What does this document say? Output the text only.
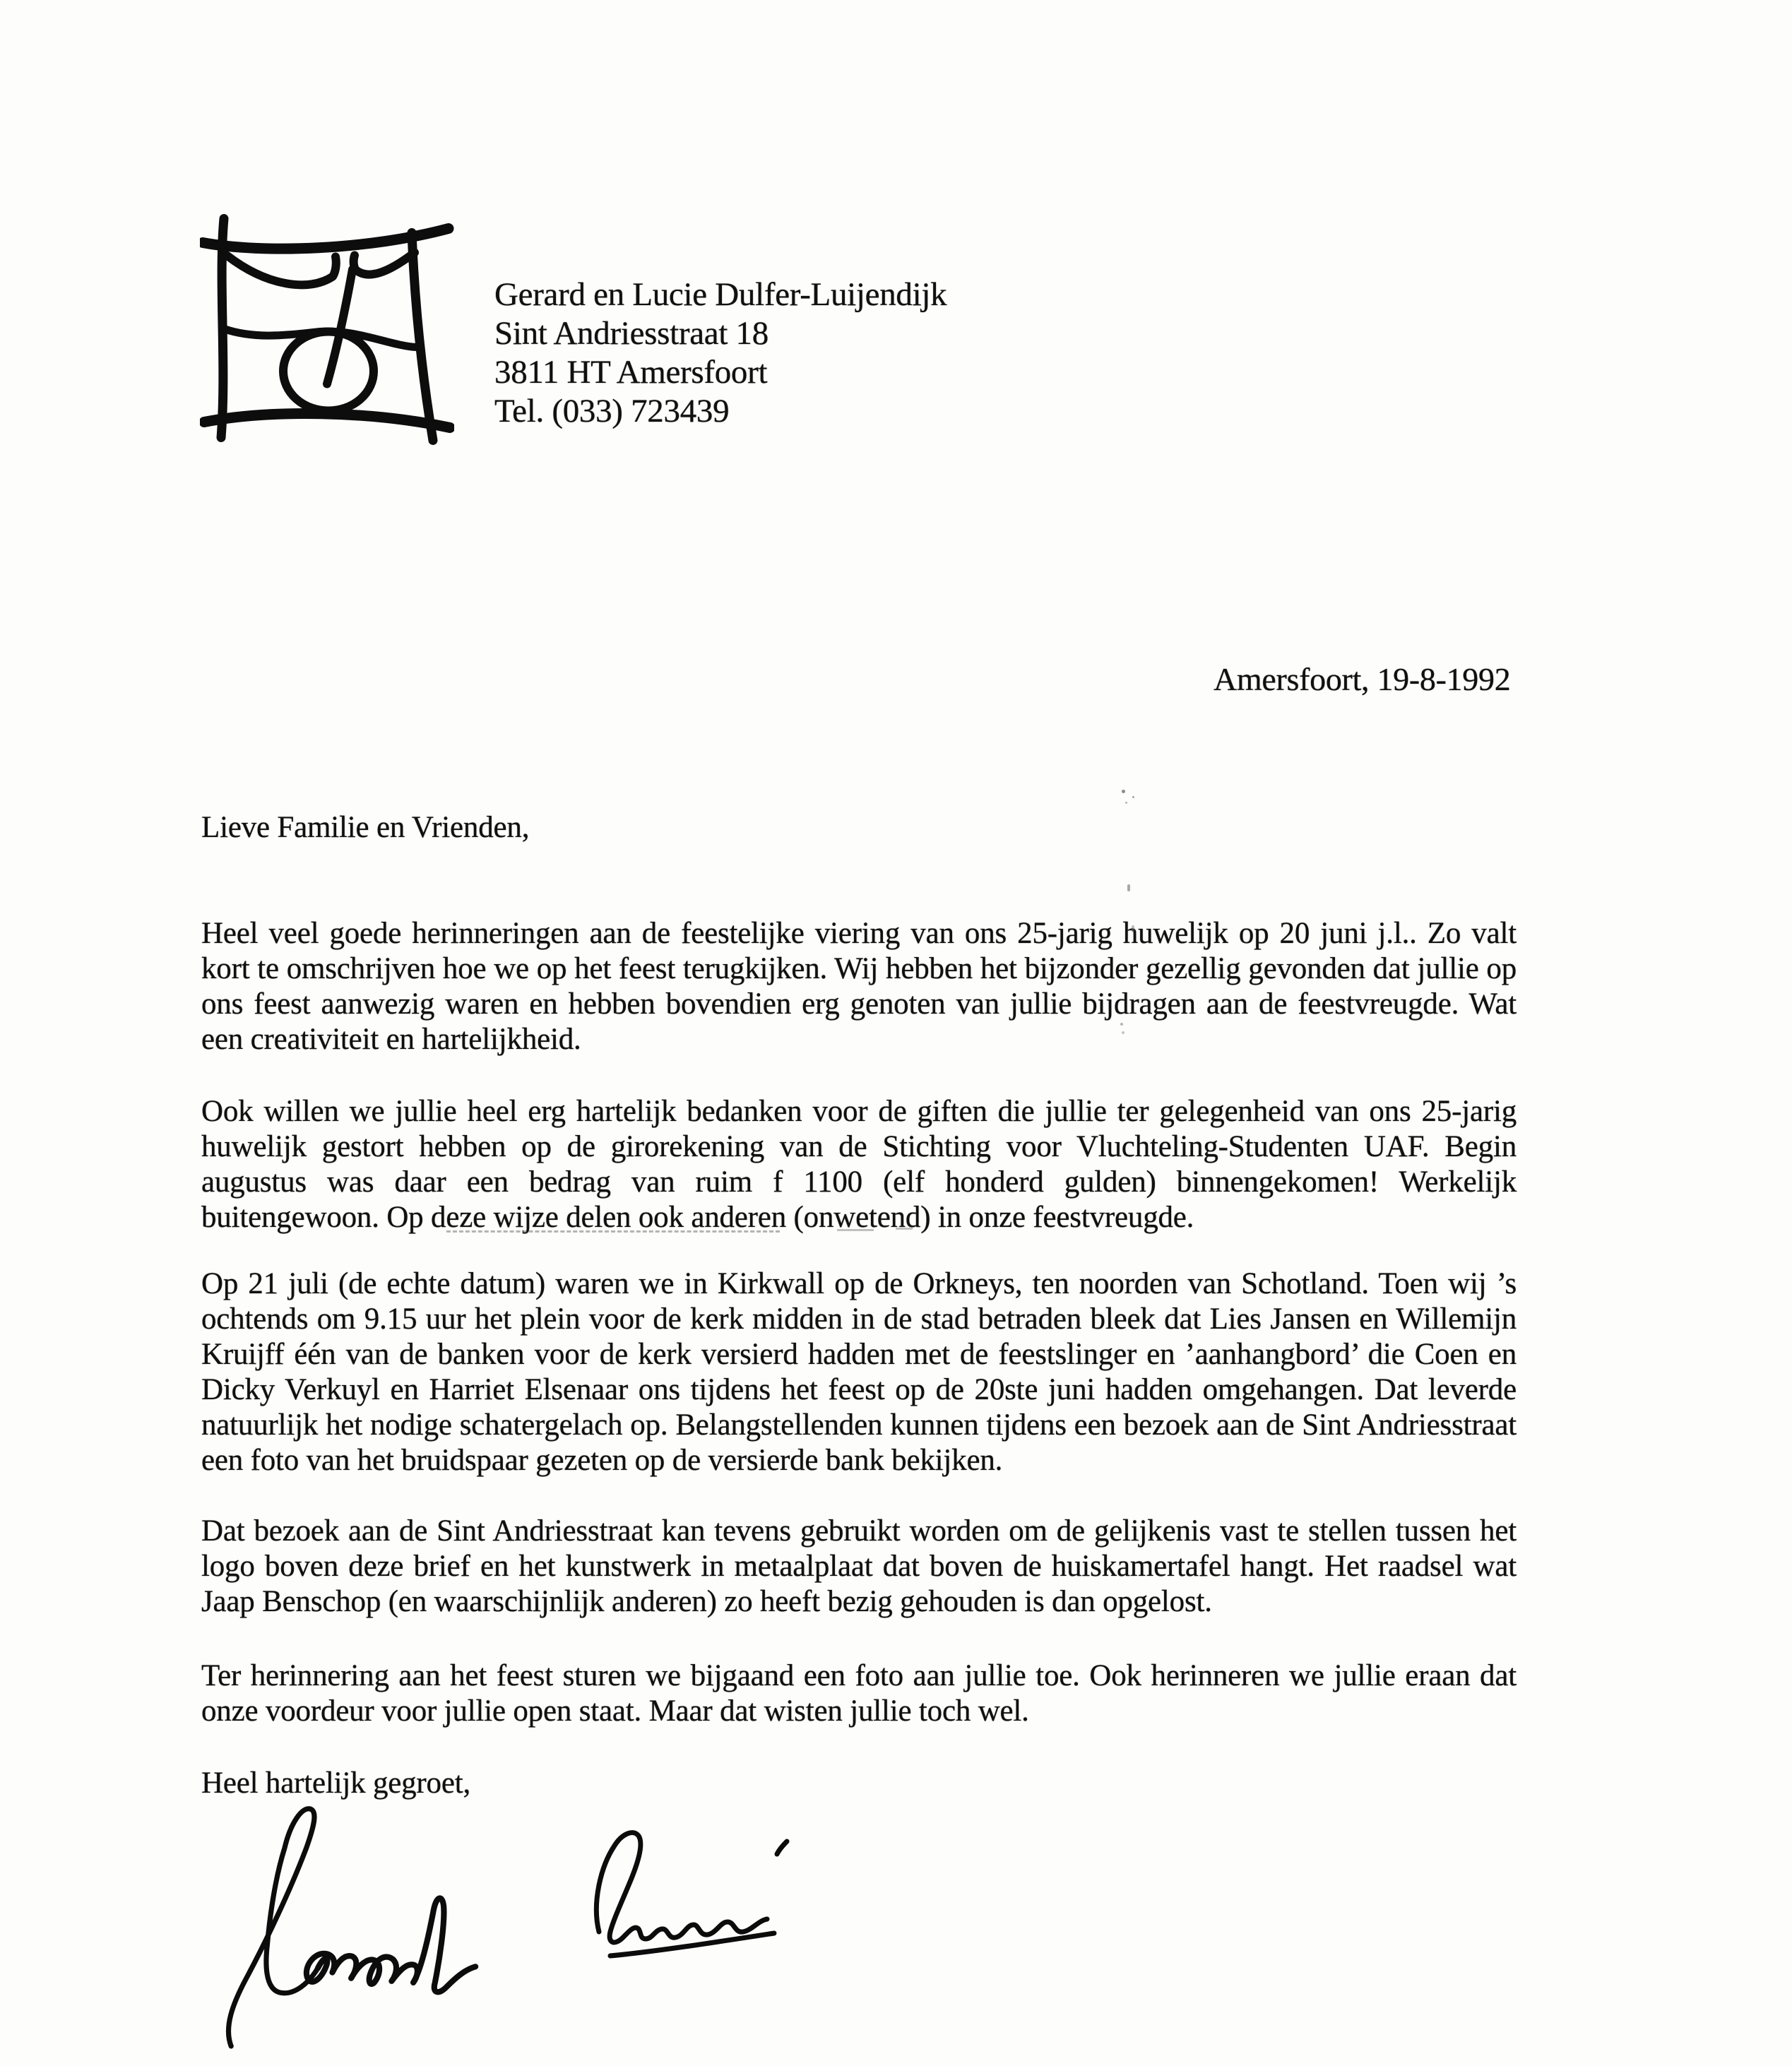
Gerard en Lucie Dulfer-Luijendijk
Sint Andriesstraat 18
3811 HT Amersfoort
Tel. (033) 723439
Amersfoort, 19-8-1992

Lieve Familie en Vrienden,

Heel veel goede herinneringen aan de feestelijke viering van ons 25-jarig huwelijk op 20 juni j.l.. Zo valt kort te omschrijven hoe we op het feest terugkijken. Wij hebben het bijzonder gezellig gevonden dat jullie op ons feest aanwezig waren en hebben bovendien erg genoten van jullie bijdragen aan de feestvreugde. Wat een creativiteit en hartelijkheid.

Ook willen we jullie heel erg hartelijk bedanken voor de giften die jullie ter gelegenheid van ons 25-jarig huwelijk gestort hebben op de girorekening van de Stichting voor Vluchteling-Studenten UAF. Begin augustus was daar een bedrag van ruim f 1100 (elf honderd gulden) binnengekomen! Werkelijk buitengewoon. Op deze wijze delen ook anderen (onwetend) in onze feestvreugde.

Op 21 juli (de echte datum) waren we in Kirkwall op de Orkneys, ten noorden van Schotland. Toen wij ’s ochtends om 9.15 uur het plein voor de kerk midden in de stad betraden bleek dat Lies Jansen en Willemijn Kruijff één van de banken voor de kerk versierd hadden met de feestslinger en ’aanhangbord’ die Coen en Dicky Verkuyl en Harriet Elsenaar ons tijdens het feest op de 20ste juni hadden omgehangen. Dat leverde natuurlijk het nodige schatergelach op. Belangstellenden kunnen tijdens een bezoek aan de Sint Andriesstraat een foto van het bruidspaar gezeten op de versierde bank bekijken.

Dat bezoek aan de Sint Andriesstraat kan tevens gebruikt worden om de gelijkenis vast te stellen tussen het logo boven deze brief en het kunstwerk in metaalplaat dat boven de huiskamertafel hangt. Het raadsel wat Jaap Benschop (en waarschijnlijk anderen) zo heeft bezig gehouden is dan opgelost.

Ter herinnering aan het feest sturen we bijgaand een foto aan jullie toe. Ook herinneren we jullie eraan dat onze voordeur voor jullie open staat. Maar dat wisten jullie toch wel.

Heel hartelijk gegroet,
